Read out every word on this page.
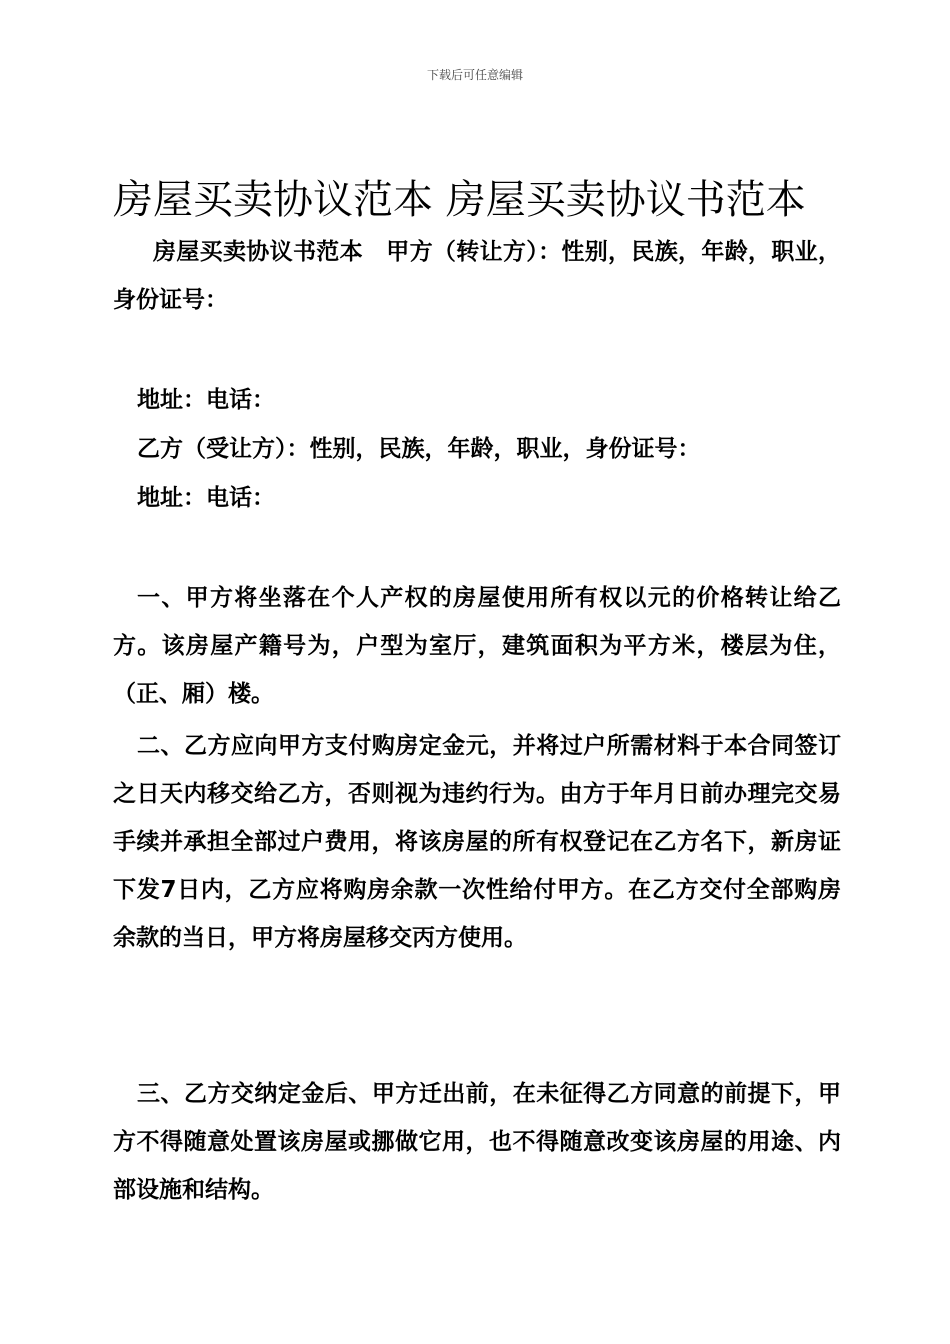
下载后可任意编辑
房屋买卖协议范本 房屋买卖协议书范本

房屋买卖协议书范本　甲方（转让方）：性别，民族，年龄，职业，身份证号：

地址：电话：

乙方（受让方）：性别，民族，年龄，职业，身份证号：

地址：电话：

一、甲方将坐落在个人产权的房屋使用所有权以元的价格转让给乙方。该房屋产籍号为，户型为室厅，建筑面积为平方米，楼层为住，（正、厢）楼。

二、乙方应向甲方支付购房定金元，并将过户所需材料于本合同签订之日天内移交给乙方，否则视为违约行为。由方于年月日前办理完交易手续并承担全部过户费用，将该房屋的所有权登记在乙方名下，新房证下发7日内，乙方应将购房余款一次性给付甲方。在乙方交付全部购房余款的当日，甲方将房屋移交丙方使用。

三、乙方交纳定金后、甲方迁出前，在未征得乙方同意的前提下，甲方不得随意处置该房屋或挪做它用，也不得随意改变该房屋的用途、内部设施和结构。
